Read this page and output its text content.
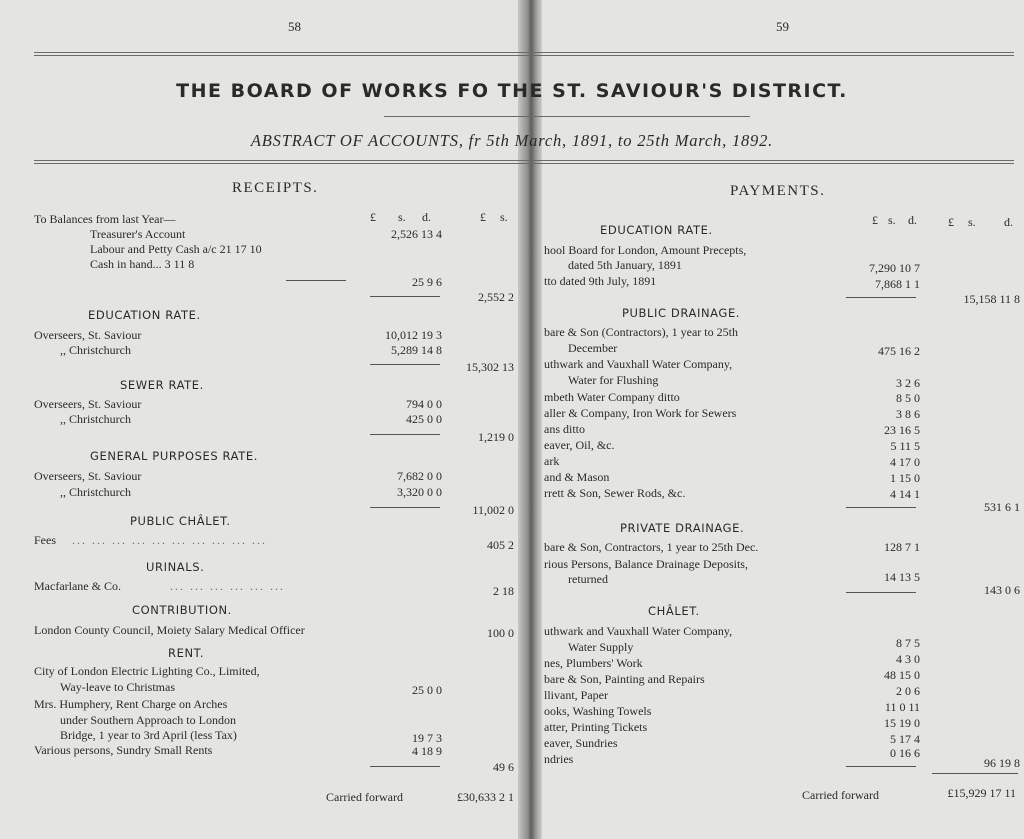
58	59
THE BOARD OF WORKS FO THE ST. SAVIOUR'S DISTRICT.
ABSTRACT OF ACCOUNTS, fr 5th March, 1891, to 25th March, 1892.
RECEIPTS.
£ s. d.	£ s.
To Balances from last Year—
Treasurer's Account	2,526 13 4
Labour and Petty Cash a/c 21 17 10
Cash in hand... 3 11 8
25 9 6
2,552 2
EDUCATION RATE.
Overseers, St. Saviour	10,012 19 3
,, Christchurch	5,289 14 8
15,302 13
SEWER RATE.
Overseers, St. Saviour	794 0 0
,, Christchurch	425 0 0
1,219 0
GENERAL PURPOSES RATE.
Overseers, St. Saviour	7,682 0 0
,, Christchurch	3,320 0 0
11,002 0
PUBLIC CHÂLET.
Fees ... ... ... ... ... ... ... ... ... ...	405 2
URINALS.
Macfarlane & Co.	... ... ... ... ... ...	2 18
CONTRIBUTION.
London County Council, Moiety Salary Medical Officer	100 0
RENT.
City of London Electric Lighting Co., Limited,
Way-leave to Christmas	25 0 0
Mrs. Humphery, Rent Charge on Arches
under Southern Approach to London
Bridge, 1 year to 3rd April (less Tax)	19 7 3
Various persons, Sundry Small Rents	4 18 9
49 6
Carried forward	£30,633 2 1
PAYMENTS.
£ s. d.	£ s. d.
EDUCATION RATE.
hool Board for London, Amount Precepts,
dated 5th January, 1891	7,290 10 7
tto dated 9th July, 1891	7,868 1 1
15,158 11 8
PUBLIC DRAINAGE.
bare & Son (Contractors), 1 year to 25th
December	475 16 2
uthwark and Vauxhall Water Company,
Water for Flushing	3 2 6
mbeth Water Company ditto	8 5 0
aller & Company, Iron Work for Sewers	3 8 6
ans ditto	23 16 5
eaver, Oil, &c.	5 11 5
ark	4 17 0
and & Mason	1 15 0
rrett & Son, Sewer Rods, &c.	4 14 1
531 6 1
PRIVATE DRAINAGE.
bare & Son, Contractors, 1 year to 25th Dec.	128 7 1
rious Persons, Balance Drainage Deposits,
returned	14 13 5
143 0 6
CHÂLET.
uthwark and Vauxhall Water Company,
Water Supply	8 7 5
nes, Plumbers' Work	4 3 0
bare & Son, Painting and Repairs	48 15 0
llivant, Paper	2 0 6
ooks, Washing Towels	11 0 11
atter, Printing Tickets	15 19 0
eaver, Sundries	5 17 4
ndries	0 16 6
96 19 8
Carried forward	£15,929 17 11
